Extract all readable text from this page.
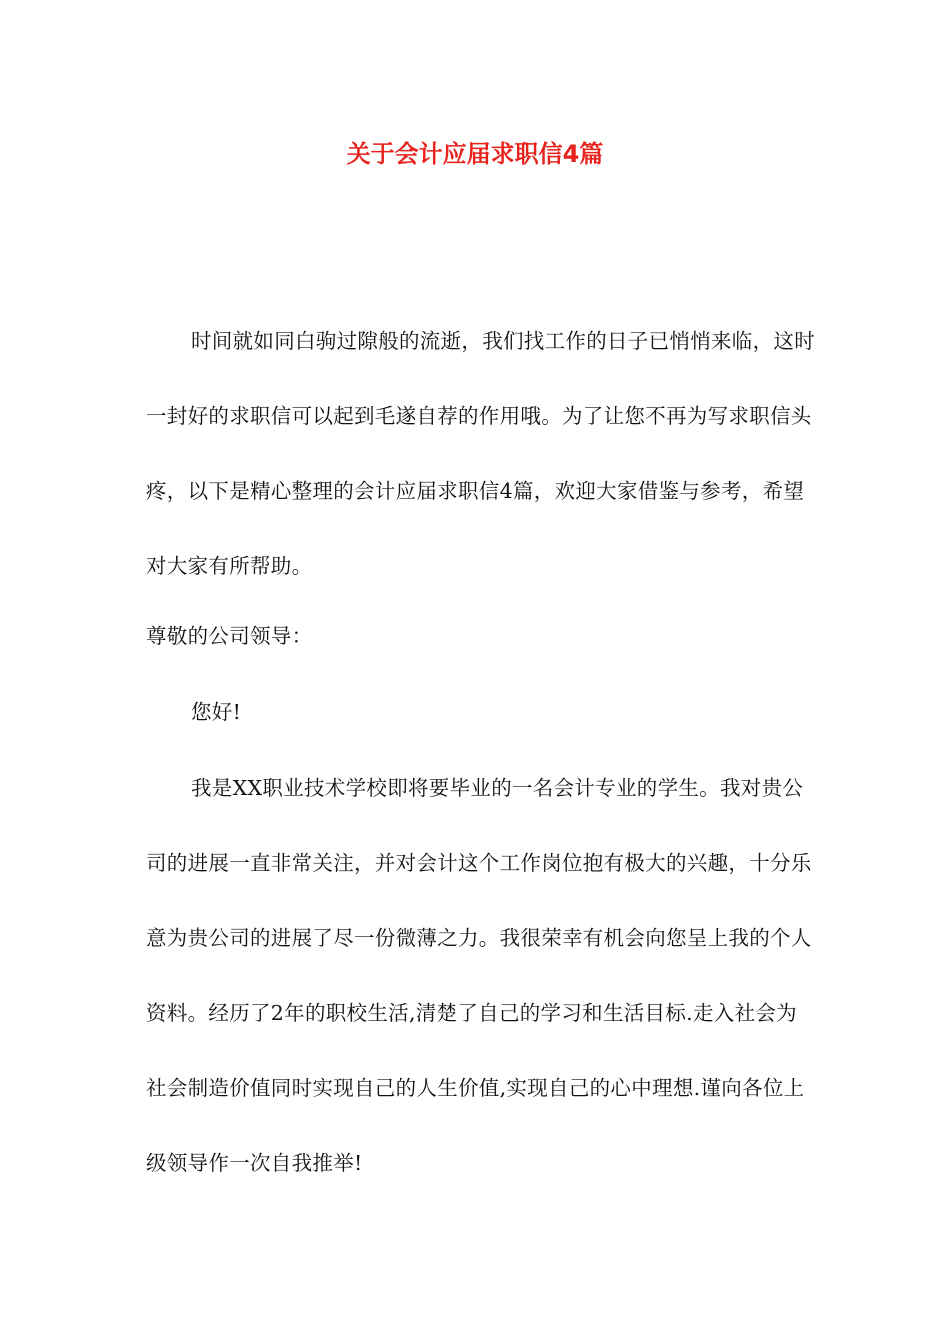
关于会计应届求职信4篇

时间就如同白驹过隙般的流逝，我们找工作的日子已悄悄来临，这时一封好的求职信可以起到毛遂自荐的作用哦。为了让您不再为写求职信头疼，以下是精心整理的会计应届求职信4篇，欢迎大家借鉴与参考，希望对大家有所帮助。

尊敬的公司领导：

您好!

我是XX职业技术学校即将要毕业的一名会计专业的学生。我对贵公司的进展一直非常关注，并对会计这个工作岗位抱有极大的兴趣，十分乐意为贵公司的进展了尽一份微薄之力。我很荣幸有机会向您呈上我的个人资料。经历了2年的职校生活,清楚了自己的学习和生活目标.走入社会为社会制造价值同时实现自己的人生价值,实现自己的心中理想.谨向各位上级领导作一次自我推举!
